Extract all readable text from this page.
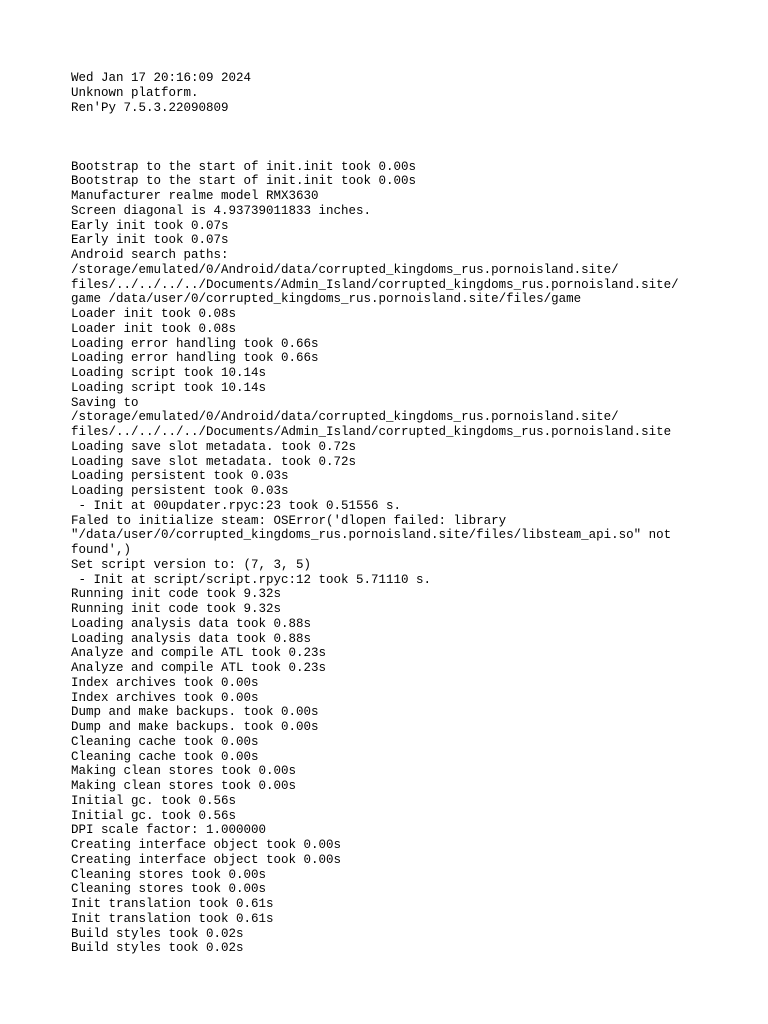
Wed Jan 17 20:16:09 2024
Unknown platform.
Ren'Py 7.5.3.22090809
Bootstrap to the start of init.init took 0.00s
Bootstrap to the start of init.init took 0.00s
Manufacturer realme model RMX3630
Screen diagonal is 4.93739011833 inches.
Early init took 0.07s
Early init took 0.07s
Android search paths:
/storage/emulated/0/Android/data/corrupted_kingdoms_rus.pornoisland.site/
files/../../../../Documents/Admin_Island/corrupted_kingdoms_rus.pornoisland.site/
game /data/user/0/corrupted_kingdoms_rus.pornoisland.site/files/game
Loader init took 0.08s
Loader init took 0.08s
Loading error handling took 0.66s
Loading error handling took 0.66s
Loading script took 10.14s
Loading script took 10.14s
Saving to
/storage/emulated/0/Android/data/corrupted_kingdoms_rus.pornoisland.site/
files/../../../../Documents/Admin_Island/corrupted_kingdoms_rus.pornoisland.site
Loading save slot metadata. took 0.72s
Loading save slot metadata. took 0.72s
Loading persistent took 0.03s
Loading persistent took 0.03s
- Init at 00updater.rpyc:23 took 0.51556 s.
Faled to initialize steam: OSError('dlopen failed: library
"/data/user/0/corrupted_kingdoms_rus.pornoisland.site/files/libsteam_api.so" not
found',)
Set script version to: (7, 3, 5)
- Init at script/script.rpyc:12 took 5.71110 s.
Running init code took 9.32s
Running init code took 9.32s
Loading analysis data took 0.88s
Loading analysis data took 0.88s
Analyze and compile ATL took 0.23s
Analyze and compile ATL took 0.23s
Index archives took 0.00s
Index archives took 0.00s
Dump and make backups. took 0.00s
Dump and make backups. took 0.00s
Cleaning cache took 0.00s
Cleaning cache took 0.00s
Making clean stores took 0.00s
Making clean stores took 0.00s
Initial gc. took 0.56s
Initial gc. took 0.56s
DPI scale factor: 1.000000
Creating interface object took 0.00s
Creating interface object took 0.00s
Cleaning stores took 0.00s
Cleaning stores took 0.00s
Init translation took 0.61s
Init translation took 0.61s
Build styles took 0.02s
Build styles took 0.02s
